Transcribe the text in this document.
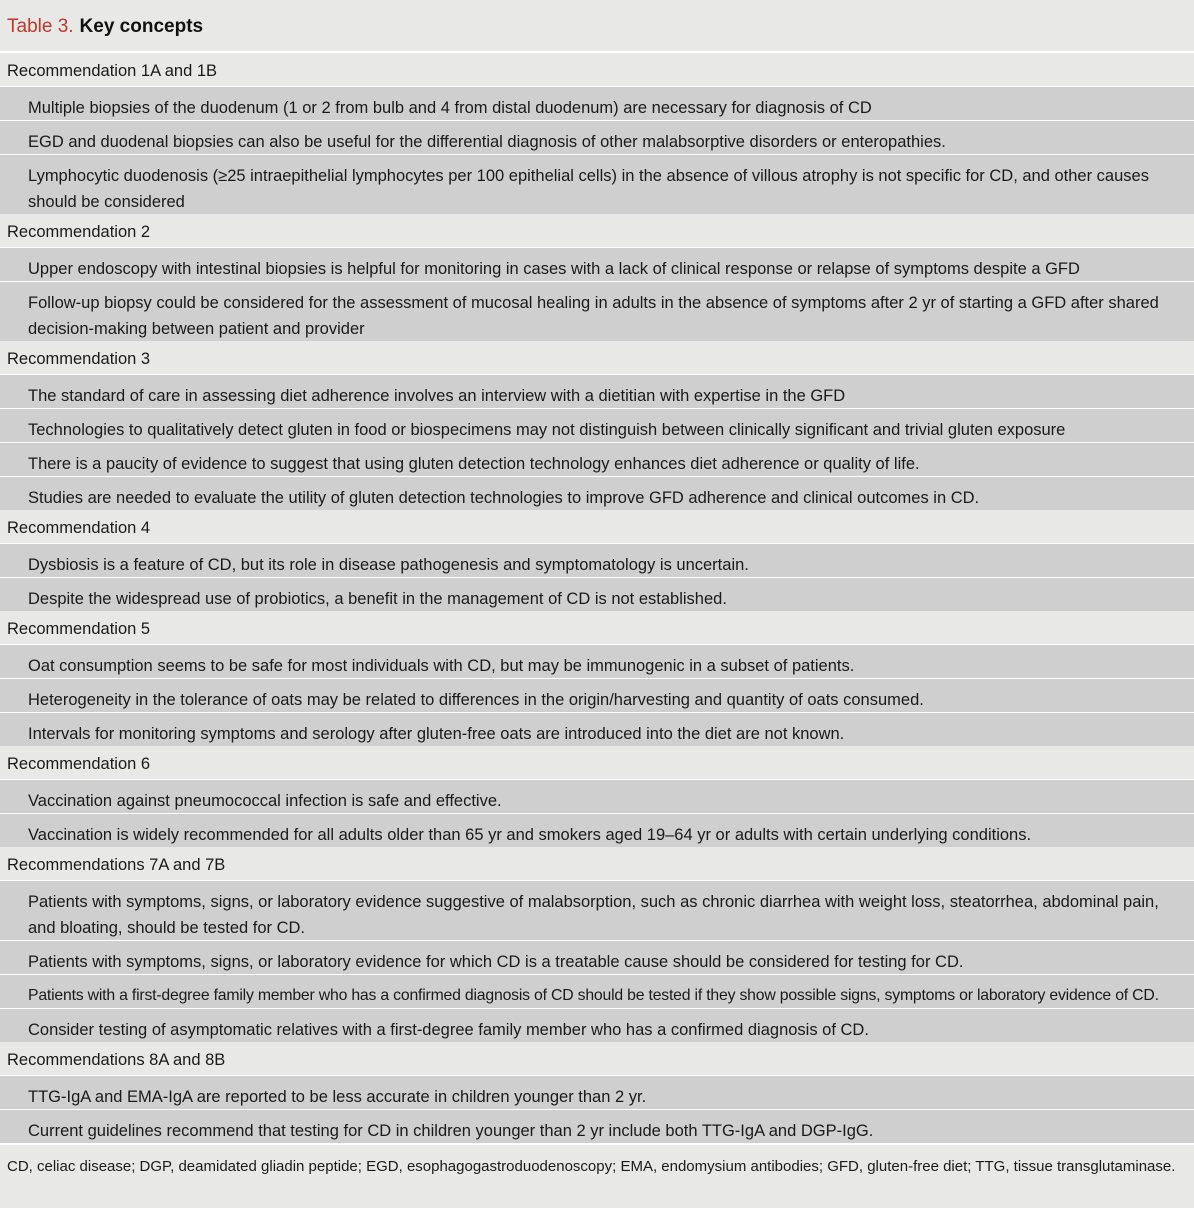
Table 3. Key concepts
Recommendation 1A and 1B
Multiple biopsies of the duodenum (1 or 2 from bulb and 4 from distal duodenum) are necessary for diagnosis of CD
EGD and duodenal biopsies can also be useful for the differential diagnosis of other malabsorptive disorders or enteropathies.
Lymphocytic duodenosis (≥25 intraepithelial lymphocytes per 100 epithelial cells) in the absence of villous atrophy is not specific for CD, and other causes should be considered
Recommendation 2
Upper endoscopy with intestinal biopsies is helpful for monitoring in cases with a lack of clinical response or relapse of symptoms despite a GFD
Follow-up biopsy could be considered for the assessment of mucosal healing in adults in the absence of symptoms after 2 yr of starting a GFD after shared decision-making between patient and provider
Recommendation 3
The standard of care in assessing diet adherence involves an interview with a dietitian with expertise in the GFD
Technologies to qualitatively detect gluten in food or biospecimens may not distinguish between clinically significant and trivial gluten exposure
There is a paucity of evidence to suggest that using gluten detection technology enhances diet adherence or quality of life.
Studies are needed to evaluate the utility of gluten detection technologies to improve GFD adherence and clinical outcomes in CD.
Recommendation 4
Dysbiosis is a feature of CD, but its role in disease pathogenesis and symptomatology is uncertain.
Despite the widespread use of probiotics, a benefit in the management of CD is not established.
Recommendation 5
Oat consumption seems to be safe for most individuals with CD, but may be immunogenic in a subset of patients.
Heterogeneity in the tolerance of oats may be related to differences in the origin/harvesting and quantity of oats consumed.
Intervals for monitoring symptoms and serology after gluten-free oats are introduced into the diet are not known.
Recommendation 6
Vaccination against pneumococcal infection is safe and effective.
Vaccination is widely recommended for all adults older than 65 yr and smokers aged 19–64 yr or adults with certain underlying conditions.
Recommendations 7A and 7B
Patients with symptoms, signs, or laboratory evidence suggestive of malabsorption, such as chronic diarrhea with weight loss, steatorrhea, abdominal pain, and bloating, should be tested for CD.
Patients with symptoms, signs, or laboratory evidence for which CD is a treatable cause should be considered for testing for CD.
Patients with a first-degree family member who has a confirmed diagnosis of CD should be tested if they show possible signs, symptoms or laboratory evidence of CD.
Consider testing of asymptomatic relatives with a first-degree family member who has a confirmed diagnosis of CD.
Recommendations 8A and 8B
TTG-IgA and EMA-IgA are reported to be less accurate in children younger than 2 yr.
Current guidelines recommend that testing for CD in children younger than 2 yr include both TTG-IgA and DGP-IgG.
CD, celiac disease; DGP, deamidated gliadin peptide; EGD, esophagogastroduodenoscopy; EMA, endomysium antibodies; GFD, gluten-free diet; TTG, tissue transglutaminase.
